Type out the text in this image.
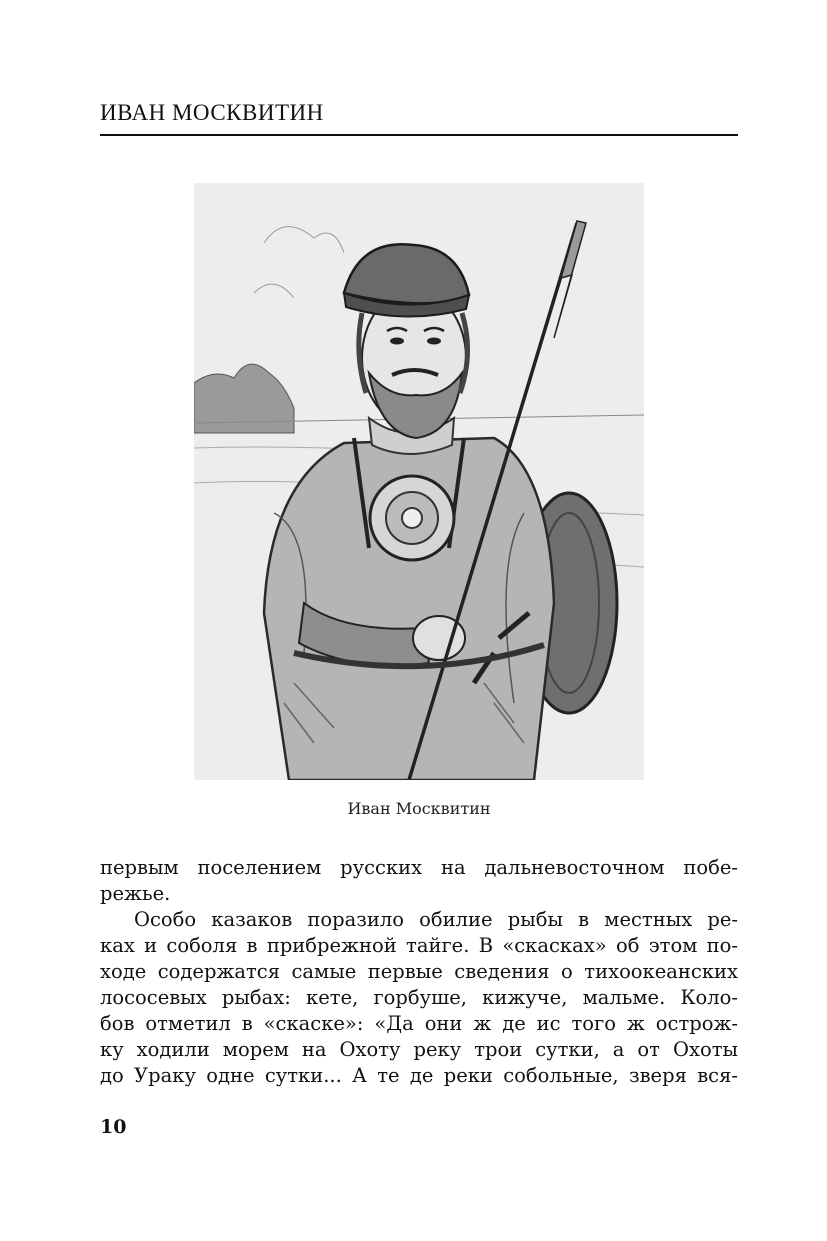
ИВАН МОСКВИТИН
Иван Москвитин
первым поселением русских на дальневосточном побе-
режье.
Особо казаков поразило обилие рыбы в местных ре-
ках и соболя в прибрежной тайге. В «скасках» об этом по-
ходе содержатся самые первые сведения о тихоокеанских
лососевых рыбах: кете, горбуше, кижуче, мальме. Коло-
бов отметил в «скаске»: «Да они ж де ис того ж острож-
ку ходили морем на Охоту реку трои сутки, а от Охоты
до Ураку одне сутки... А те де реки собольные, зверя вся-
10
